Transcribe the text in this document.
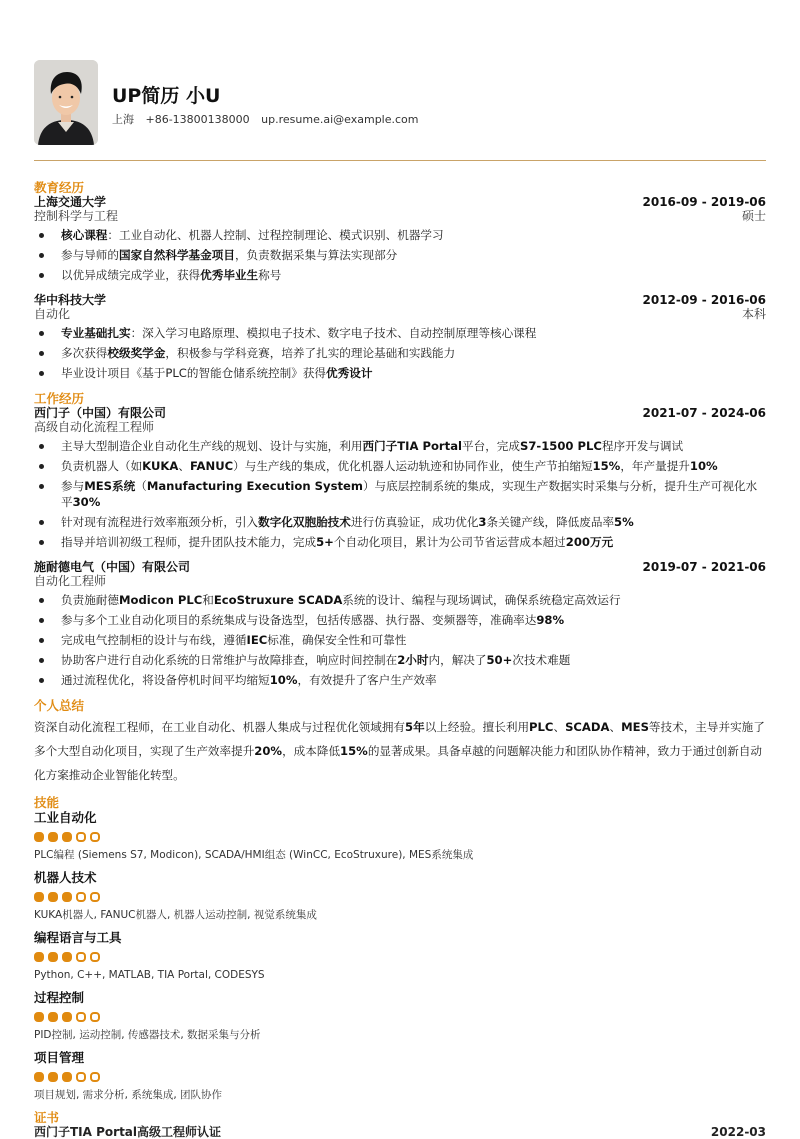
UP简历 小U
上海 +86-13800138000 up.resume.ai@example.com
教育经历
上海交通大学	2016-09 - 2019-06
控制科学与工程	硕士
核心课程：工业自动化、机器人控制、过程控制理论、模式识别、机器学习
参与导师的国家自然科学基金项目，负责数据采集与算法实现部分
以优异成绩完成学业，获得优秀毕业生称号
华中科技大学	2012-09 - 2016-06
自动化	本科
专业基础扎实：深入学习电路原理、模拟电子技术、数字电子技术、自动控制原理等核心课程
多次获得校级奖学金，积极参与学科竞赛，培养了扎实的理论基础和实践能力
毕业设计项目《基于PLC的智能仓储系统控制》获得优秀设计
工作经历
西门子（中国）有限公司	2021-07 - 2024-06
高级自动化流程工程师
主导大型制造企业自动化生产线的规划、设计与实施，利用西门子TIA Portal平台，完成S7-1500 PLC程序开发与调试
负责机器人（如KUKA、FANUC）与生产线的集成，优化机器人运动轨迹和协同作业，使生产节拍缩短15%，年产量提升10%
参与MES系统（Manufacturing Execution System）与底层控制系统的集成，实现生产数据实时采集与分析，提升生产可视化水平30%
针对现有流程进行效率瓶颈分析，引入数字化双胞胎技术进行仿真验证，成功优化3条关键产线，降低废品率5%
指导并培训初级工程师，提升团队技术能力，完成5+个自动化项目，累计为公司节省运营成本超过200万元
施耐德电气（中国）有限公司	2019-07 - 2021-06
自动化工程师
负责施耐德Modicon PLC和EcoStruxure SCADA系统的设计、编程与现场调试，确保系统稳定高效运行
参与多个工业自动化项目的系统集成与设备选型，包括传感器、执行器、变频器等，准确率达98%
完成电气控制柜的设计与布线，遵循IEC标准，确保安全性和可靠性
协助客户进行自动化系统的日常维护与故障排查，响应时间控制在2小时内，解决了50+次技术难题
通过流程优化，将设备停机时间平均缩短10%，有效提升了客户生产效率
个人总结
资深自动化流程工程师，在工业自动化、机器人集成与过程优化领域拥有5年以上经验。擅长利用PLC、SCADA、MES等技术，主导并实施了多个大型自动化项目，实现了生产效率提升20%，成本降低15%的显著成果。具备卓越的问题解决能力和团队协作精神，致力于通过创新自动化方案推动企业智能化转型。
技能
工业自动化
PLC编程 (Siemens S7, Modicon), SCADA/HMI组态 (WinCC, EcoStruxure), MES系统集成
机器人技术
KUKA机器人, FANUC机器人, 机器人运动控制, 视觉系统集成
编程语言与工具
Python, C++, MATLAB, TIA Portal, CODESYS
过程控制
PID控制, 运动控制, 传感器技术, 数据采集与分析
项目管理
项目规划, 需求分析, 系统集成, 团队协作
证书
西门子TIA Portal高级工程师认证	2022-03
